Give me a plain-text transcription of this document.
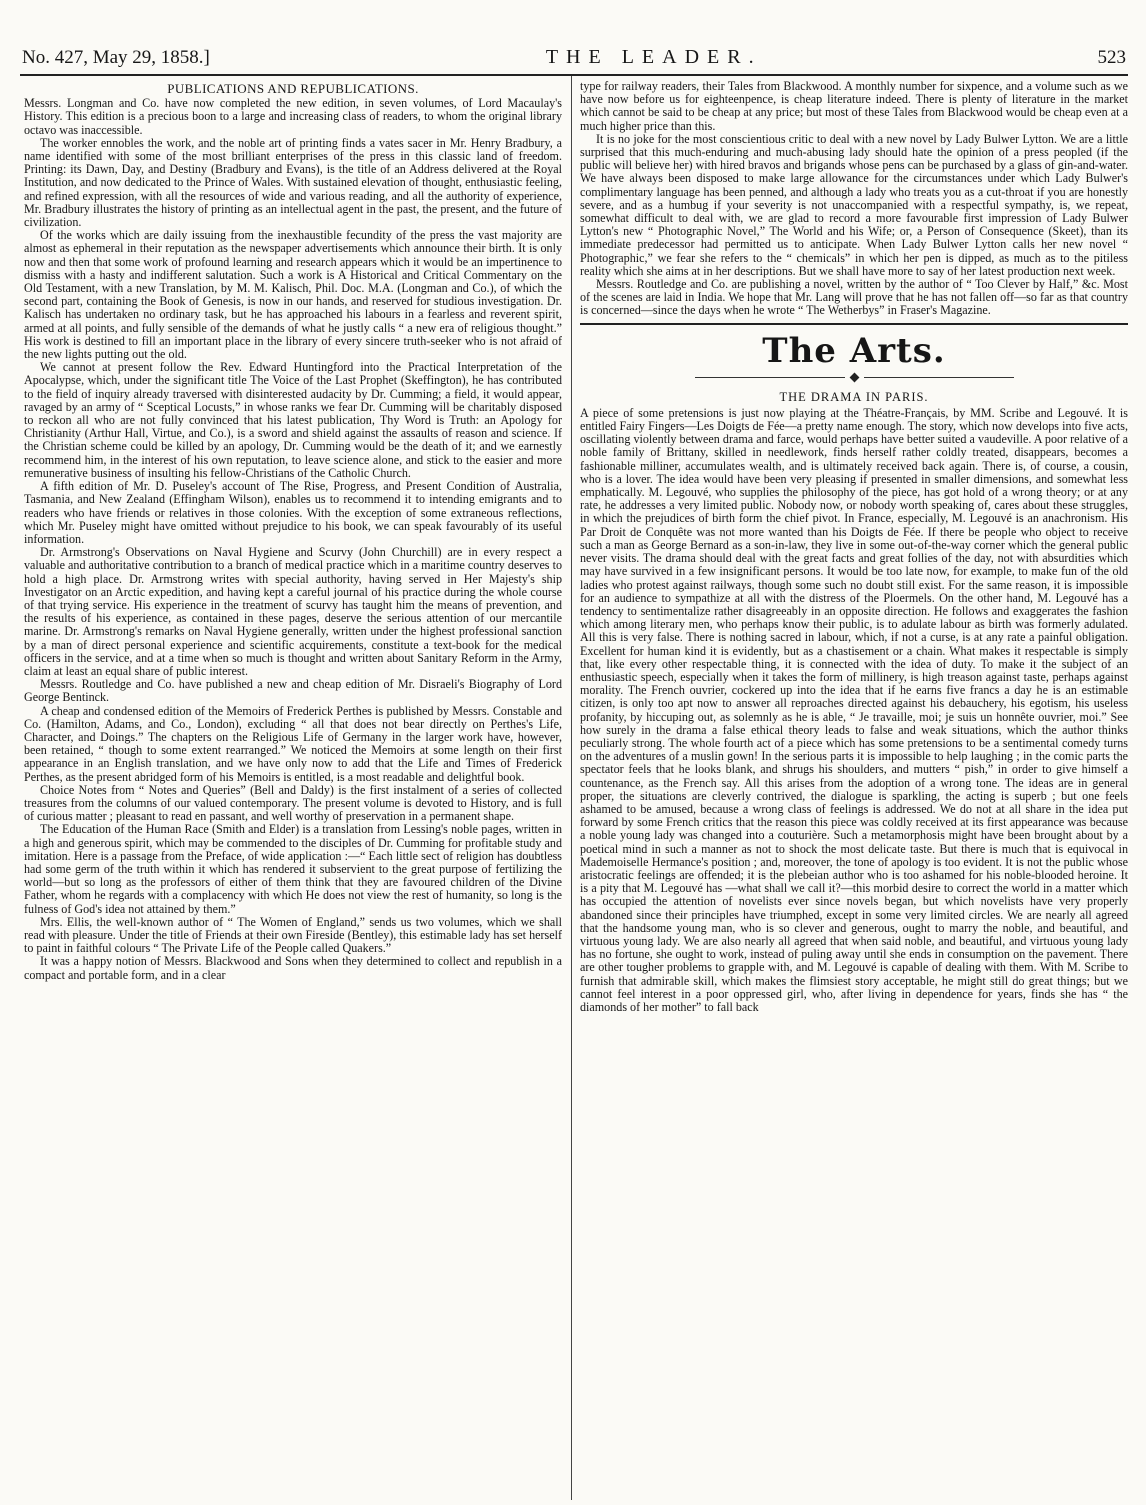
No. 427, May 29, 1858.]	THE LEADER.	523
PUBLICATIONS AND REPUBLICATIONS.

Messrs. Longman and Co. have now completed the new edition, in seven volumes, of Lord Macaulay's History. This edition is a precious boon to a large and increasing class of readers, to whom the original library octavo was inaccessible.

The worker ennobles the work, and the noble art of printing finds a vates sacer in Mr. Henry Bradbury, a name identified with some of the most brilliant enterprises of the press in this classic land of freedom. Printing: its Dawn, Day, and Destiny (Bradbury and Evans), is the title of an Address delivered at the Royal Institution, and now dedicated to the Prince of Wales. With sustained elevation of thought, enthusiastic feeling, and refined expression, with all the resources of wide and various reading, and all the authority of experience, Mr. Bradbury illustrates the history of printing as an intellectual agent in the past, the present, and the future of civilization.

Of the works which are daily issuing from the inexhaustible fecundity of the press the vast majority are almost as ephemeral in their reputation as the newspaper advertisements which announce their birth. It is only now and then that some work of profound learning and research appears which it would be an impertinence to dismiss with a hasty and indifferent salutation. Such a work is A Historical and Critical Commentary on the Old Testament, with a new Translation, by M. M. Kalisch, Phil. Doc. M.A. (Longman and Co.), of which the second part, containing the Book of Genesis, is now in our hands, and reserved for studious investigation. Dr. Kalisch has undertaken no ordinary task, but he has approached his labours in a fearless and reverent spirit, armed at all points, and fully sensible of the demands of what he justly calls “ a new era of religious thought.” His work is destined to fill an important place in the library of every sincere truth-seeker who is not afraid of the new lights putting out the old.

We cannot at present follow the Rev. Edward Huntingford into the Practical Interpretation of the Apocalypse, which, under the significant title The Voice of the Last Prophet (Skeffington), he has contributed to the field of inquiry already traversed with disinterested audacity by Dr. Cumming; a field, it would appear, ravaged by an army of “ Sceptical Locusts,” in whose ranks we fear Dr. Cumming will be charitably disposed to reckon all who are not fully convinced that his latest publication, Thy Word is Truth: an Apology for Christianity (Arthur Hall, Virtue, and Co.), is a sword and shield against the assaults of reason and science. If the Christian scheme could be killed by an apology, Dr. Cumming would be the death of it; and we earnestly recommend him, in the interest of his own reputation, to leave science alone, and stick to the easier and more remunerative business of insulting his fellow-Christians of the Catholic Church.

A fifth edition of Mr. D. Puseley's account of The Rise, Progress, and Present Condition of Australia, Tasmania, and New Zealand (Effingham Wilson), enables us to recommend it to intending emigrants and to readers who have friends or relatives in those colonies. With the exception of some extraneous reflections, which Mr. Puseley might have omitted without prejudice to his book, we can speak favourably of its useful information.

Dr. Armstrong's Observations on Naval Hygiene and Scurvy (John Churchill) are in every respect a valuable and authoritative contribution to a branch of medical practice which in a maritime country deserves to hold a high place. Dr. Armstrong writes with special authority, having served in Her Majesty's ship Investigator on an Arctic expedition, and having kept a careful journal of his practice during the whole course of that trying service. His experience in the treatment of scurvy has taught him the means of prevention, and the results of his experience, as contained in these pages, deserve the serious attention of our mercantile marine. Dr. Armstrong's remarks on Naval Hygiene generally, written under the highest professional sanction by a man of direct personal experience and scientific acquirements, constitute a text-book for the medical officers in the service, and at a time when so much is thought and written about Sanitary Reform in the Army, claim at least an equal share of public interest.

Messrs. Routledge and Co. have published a new and cheap edition of Mr. Disraeli's Biography of Lord George Bentinck.

A cheap and condensed edition of the Memoirs of Frederick Perthes is published by Messrs. Constable and Co. (Hamilton, Adams, and Co., London), excluding “ all that does not bear directly on Perthes's Life, Character, and Doings.” The chapters on the Religious Life of Germany in the larger work have, however, been retained, “ though to some extent rearranged.” We noticed the Memoirs at some length on their first appearance in an English translation, and we have only now to add that the Life and Times of Frederick Perthes, as the present abridged form of his Memoirs is entitled, is a most readable and delightful book.

Choice Notes from “ Notes and Queries” (Bell and Daldy) is the first instalment of a series of collected treasures from the columns of our valued contemporary. The present volume is devoted to History, and is full of curious matter ; pleasant to read en passant, and well worthy of preservation in a permanent shape.

The Education of the Human Race (Smith and Elder) is a translation from Lessing's noble pages, written in a high and generous spirit, which may be commended to the disciples of Dr. Cumming for profitable study and imitation. Here is a passage from the Preface, of wide application :—“ Each little sect of religion has doubtless had some germ of the truth within it which has rendered it subservient to the great purpose of fertilizing the world—but so long as the professors of either of them think that they are favoured children of the Divine Father, whom he regards with a complacency with which He does not view the rest of humanity, so long is the fulness of God's idea not attained by them.”

Mrs. Ellis, the well-known author of “ The Women of England,” sends us two volumes, which we shall read with pleasure. Under the title of Friends at their own Fireside (Bentley), this estimable lady has set herself to paint in faithful colours “ The Private Life of the People called Quakers.”

It was a happy notion of Messrs. Blackwood and Sons when they determined to collect and republish in a compact and portable form, and in a clear

type for railway readers, their Tales from Blackwood. A monthly number for sixpence, and a volume such as we have now before us for eighteenpence, is cheap literature indeed. There is plenty of literature in the market which cannot be said to be cheap at any price; but most of these Tales from Blackwood would be cheap even at a much higher price than this.

It is no joke for the most conscientious critic to deal with a new novel by Lady Bulwer Lytton. We are a little surprised that this much-enduring and much-abusing lady should hate the opinion of a press peopled (if the public will believe her) with hired bravos and brigands whose pens can be purchased by a glass of gin-and-water. We have always been disposed to make large allowance for the circumstances under which Lady Bulwer's complimentary language has been penned, and although a lady who treats you as a cut-throat if you are honestly severe, and as a humbug if your severity is not unaccompanied with a respectful sympathy, is, we repeat, somewhat difficult to deal with, we are glad to record a more favourable first impression of Lady Bulwer Lytton's new “ Photographic Novel,” The World and his Wife; or, a Person of Consequence (Skeet), than its immediate predecessor had permitted us to anticipate. When Lady Bulwer Lytton calls her new novel “ Photographic,” we fear she refers to the “ chemicals” in which her pen is dipped, as much as to the pitiless reality which she aims at in her descriptions. But we shall have more to say of her latest production next week.

Messrs. Routledge and Co. are publishing a novel, written by the author of “ Too Clever by Half,” &c. Most of the scenes are laid in India. We hope that Mr. Lang will prove that he has not fallen off—so far as that country is concerned—since the days when he wrote “ The Wetherbys” in Fraser's Magazine.

The Arts.
THE DRAMA IN PARIS.

A piece of some pretensions is just now playing at the Théatre-Français, by MM. Scribe and Legouvé. It is entitled Fairy Fingers—Les Doigts de Fée—a pretty name enough. The story, which now develops into five acts, oscillating violently between drama and farce, would perhaps have better suited a vaudeville. A poor relative of a noble family of Brittany, skilled in needlework, finds herself rather coldly treated, disappears, becomes a fashionable milliner, accumulates wealth, and is ultimately received back again. There is, of course, a cousin, who is a lover. The idea would have been very pleasing if presented in smaller dimensions, and somewhat less emphatically. M. Legouvé, who supplies the philosophy of the piece, has got hold of a wrong theory; or at any rate, he addresses a very limited public. Nobody now, or nobody worth speaking of, cares about these struggles, in which the prejudices of birth form the chief pivot. In France, especially, M. Legouvé is an anachronism. His Par Droit de Conquête was not more wanted than his Doigts de Fée. If there be people who object to receive such a man as George Bernard as a son-in-law, they live in some out-of-the-way corner which the general public never visits. The drama should deal with the great facts and great follies of the day, not with absurdities which may have survived in a few insignificant persons. It would be too late now, for example, to make fun of the old ladies who protest against railways, though some such no doubt still exist. For the same reason, it is impossible for an audience to sympathize at all with the distress of the Ploermels. On the other hand, M. Legouvé has a tendency to sentimentalize rather disagreeably in an opposite direction. He follows and exaggerates the fashion which among literary men, who perhaps know their public, is to adulate labour as birth was formerly adulated. All this is very false. There is nothing sacred in labour, which, if not a curse, is at any rate a painful obligation. Excellent for human kind it is evidently, but as a chastisement or a chain. What makes it respectable is simply that, like every other respectable thing, it is connected with the idea of duty. To make it the subject of an enthusiastic speech, especially when it takes the form of millinery, is high treason against taste, perhaps against morality. The French ouvrier, cockered up into the idea that if he earns five francs a day he is an estimable citizen, is only too apt now to answer all reproaches directed against his debauchery, his egotism, his useless profanity, by hiccuping out, as solemnly as he is able, “ Je travaille, moi; je suis un honnête ouvrier, moi.” See how surely in the drama a false ethical theory leads to false and weak situations, which the author thinks peculiarly strong. The whole fourth act of a piece which has some pretensions to be a sentimental comedy turns on the adventures of a muslin gown! In the serious parts it is impossible to help laughing ; in the comic parts the spectator feels that he looks blank, and shrugs his shoulders, and mutters “ pish,” in order to give himself a countenance, as the French say. All this arises from the adoption of a wrong tone. The ideas are in general proper, the situations are cleverly contrived, the dialogue is sparkling, the acting is superb ; but one feels ashamed to be amused, because a wrong class of feelings is addressed. We do not at all share in the idea put forward by some French critics that the reason this piece was coldly received at its first appearance was because a noble young lady was changed into a couturière. Such a metamorphosis might have been brought about by a poetical mind in such a manner as not to shock the most delicate taste. But there is much that is equivocal in Mademoiselle Hermance's position ; and, moreover, the tone of apology is too evident. It is not the public whose aristocratic feelings are offended; it is the plebeian author who is too ashamed for his noble-blooded heroine. It is a pity that M. Legouvé has —what shall we call it?—this morbid desire to correct the world in a matter which has occupied the attention of novelists ever since novels began, but which novelists have very properly abandoned since their principles have triumphed, except in some very limited circles. We are nearly all agreed that the handsome young man, who is so clever and generous, ought to marry the noble, and beautiful, and virtuous young lady. We are also nearly all agreed that when said noble, and beautiful, and virtuous young lady has no fortune, she ought to work, instead of puling away until she ends in consumption on the pavement. There are other tougher problems to grapple with, and M. Legouvé is capable of dealing with them. With M. Scribe to furnish that admirable skill, which makes the flimsiest story acceptable, he might still do great things; but we cannot feel interest in a poor oppressed girl, who, after living in dependence for years, finds she has “ the diamonds of her mother” to fall back
